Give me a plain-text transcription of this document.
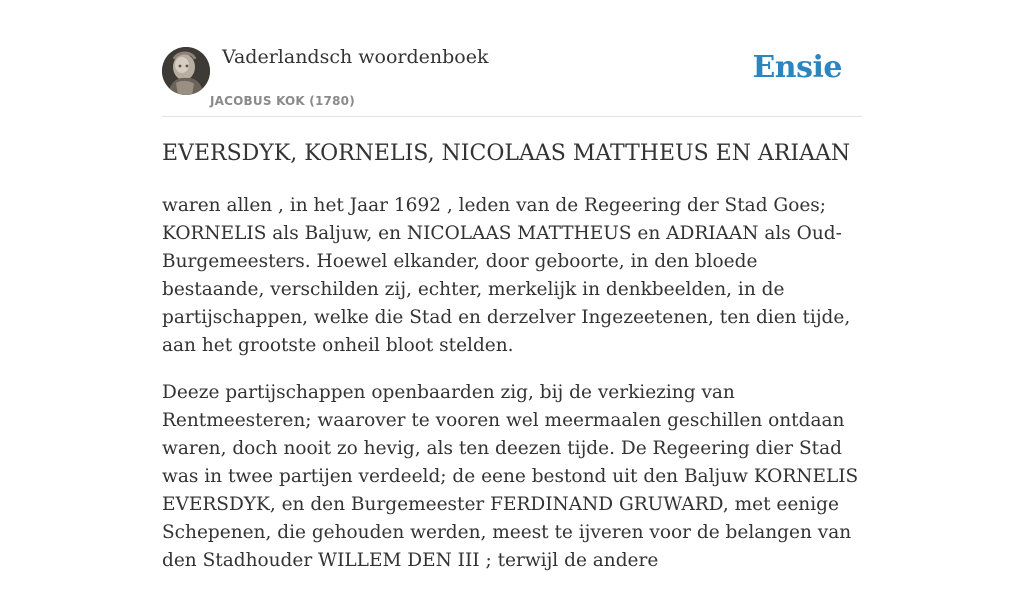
Vaderlandsch woordenboek
JACOBUS KOK (1780)
Ensie
EVERSDYK, KORNELIS, NICOLAAS MATTHEUS EN ARIAAN

waren allen , in het Jaar 1692 , leden van de Regeering der Stad Goes; KORNELIS als Baljuw, en NICOLAAS MATTHEUS en ADRIAAN als Oud-Burgemeesters. Hoewel elkander, door geboorte, in den bloede bestaande, verschilden zij, echter, merkelijk in denkbeelden, in de partijschappen, welke die Stad en derzelver Ingezeetenen, ten dien tijde, aan het grootste onheil bloot stelden.

Deeze partijschappen openbaarden zig, bij de verkiezing van Rentmeesteren; waarover te vooren wel meermaalen geschillen ontdaan waren, doch nooit zo hevig, als ten deezen tijde. De Regeering dier Stad was in twee partijen verdeeld; de eene bestond uit den Baljuw KORNELIS EVERSDYK, en den Burgemeester FERDINAND GRUWARD, met eenige Schepenen, die gehouden werden, meest te ijveren voor de belangen van den Stadhouder WILLEM DEN III ; terwijl de andere
